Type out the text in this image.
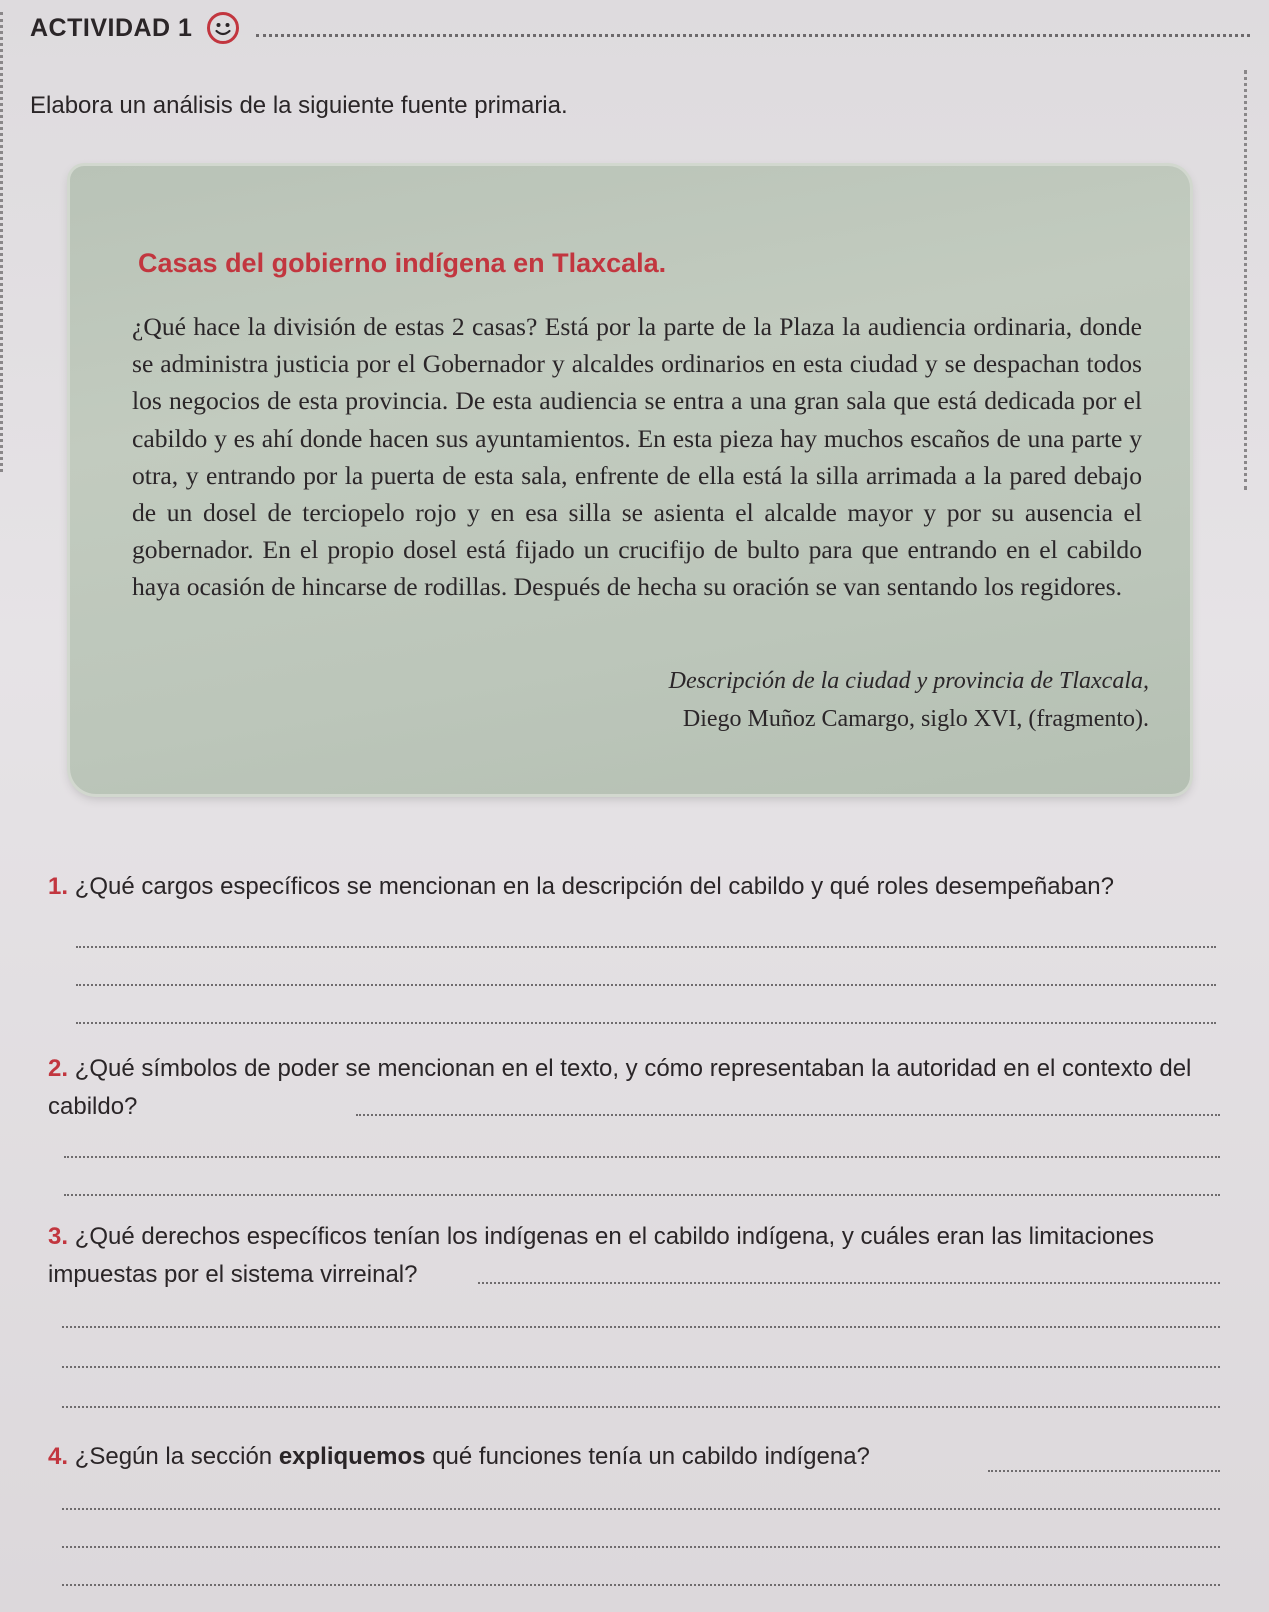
ACTIVIDAD 1
Elabora un análisis de la siguiente fuente primaria.
Casas del gobierno indígena en Tlaxcala.
¿Qué hace la división de estas 2 casas? Está por la parte de la Plaza la audiencia ordinaria, donde se administra justicia por el Gobernador y alcaldes ordinarios en esta ciudad y se despachan todos los negocios de esta provincia. De esta audiencia se entra a una gran sala que está dedicada por el cabildo y es ahí donde hacen sus ayuntamientos. En esta pieza hay muchos escaños de una parte y otra, y entrando por la puerta de esta sala, enfrente de ella está la silla arrimada a la pared debajo de un dosel de terciopelo rojo y en esa silla se asienta el alcalde mayor y por su ausencia el gobernador. En el propio dosel está fijado un crucifijo de bulto para que entrando en el cabildo haya ocasión de hincarse de rodillas. Después de hecha su oración se van sentando los regidores.
Descripción de la ciudad y provincia de Tlaxcala,
Diego Muñoz Camargo, siglo XVI, (fragmento).
1. ¿Qué cargos específicos se mencionan en la descripción del cabildo y qué roles desempeñaban?
2. ¿Qué símbolos de poder se mencionan en el texto, y cómo representaban la autoridad en el contexto del cabildo?
3. ¿Qué derechos específicos tenían los indígenas en el cabildo indígena, y cuáles eran las limitaciones impuestas por el sistema virreinal?
4. ¿Según la sección expliquemos qué funciones tenía un cabildo indígena?
